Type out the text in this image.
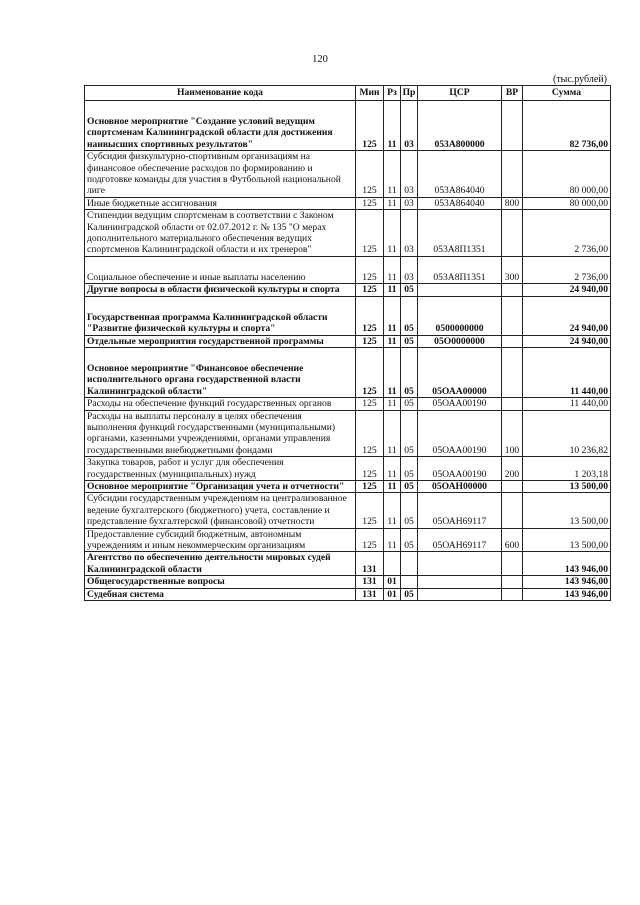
120
(тыс.рублей)
Наименование кода	Мин	Рз	Пр	ЦСР	ВР	Сумма

Основное мероприятие "Создание условий ведущим спортсменам Калининградской области для достижения наивысших спортивных результатов"	125	11	03	053А800000		82 736,00
Субсидия физкультурно-спортивным организациям на финансовое обеспечение расходов по формированию и подготовке команды для участия в Футбольной национальной лиге	125	11	03	053А864040		80 000,00
Иные бюджетные ассигнования	125	11	03	053А864040	800	80 000,00
Стипендии ведущим спортсменам в соответствии с Законом Калининградской области от 02.07.2012 г. № 135 "О мерах дополнительного материального обеспечения ведущих спортсменов Калининградской области и их тренеров"	125	11	03	053А8П1351		2 736,00

Социальное обеспечение и иные выплаты населению	125	11	03	053А8П1351	300	2 736,00
Другие вопросы в области физической культуры и спорта	125	11	05			24 940,00

Государственная программа Калининградской области "Развитие физической культуры и спорта"	125	11	05	0500000000		24 940,00
Отдельные мероприятия государственной программы	125	11	05	05О0000000		24 940,00

Основное мероприятие "Финансовое обеспечение исполнительного органа государственной власти Калининградской области"	125	11	05	05ОАА00000		11 440,00
Расходы на обеспечение функций государственных органов	125	11	05	05ОАА00190		11 440,00
Расходы на выплаты персоналу в целях обеспечения выполнения функций государственными (муниципальными) органами, казенными учреждениями, органами управления государственными внебюджетными фондами	125	11	05	05ОАА00190	100	10 236,82
Закупка товаров, работ и услуг для обеспечения государственных (муниципальных) нужд	125	11	05	05ОАА00190	200	1 203,18
Основное мероприятие "Организация учета и отчетности"	125	11	05	05ОАН00000		13 500,00
Субсидии государственным учреждениям на централизованное ведение бухгалтерского (бюджетного) учета, составление и представление бухгалтерской (финансовой) отчетности	125	11	05	05ОАН69117		13 500,00
Предоставление субсидий бюджетным, автономным учреждениям и иным некоммерческим организациям	125	11	05	05ОАН69117	600	13 500,00
Агентство по обеспечению деятельности мировых судей Калининградской области	131					143 946,00
Общегосударственные вопросы	131	01				143 946,00
Судебная система	131	01	05			143 946,00
